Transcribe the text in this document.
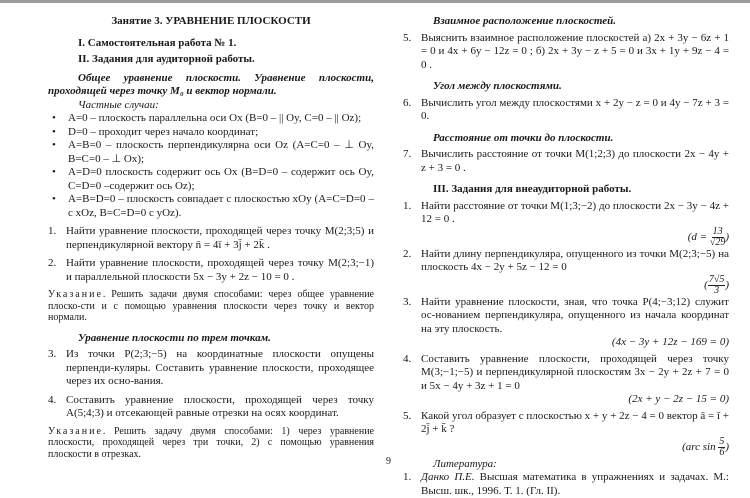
Занятие 3. УРАВНЕНИЕ ПЛОСКОСТИ
I. Самостоятельная работа № 1.
II. Задания для аудиторной работы.

Общее уравнение плоскости. Уравнение плоскости, проходящей через точку M₀ и вектор нормали.

Частные случаи:
•	A=0 – плоскость параллельна оси Ox (B=0 – || Oy, C=0 – || Oz);
•	D=0 – проходит через начало координат;
•	A=B=0 – плоскость перпендикулярна оси Oz (A=C=0 – ⊥ Oy, B=C=0 – ⊥ Ox);
•	A=D=0 плоскость содержит ось Ox (B=D=0 – содержит ось Oy, C=D=0 –содержит ось Oz);
•	A=B=D=0 – плоскость совпадает с плоскостью xOy (A=C=D=0 – с xOz, B=C=D=0 с yOz).
1. Найти уравнение плоскости, проходящей через точку M(2;3;5) и перпендикулярной вектору n̄ = 4ī + 3j̄ + 2k̄ .
2. Найти уравнение плоскости, проходящей через точку M(2;3;−1) и параллельной плоскости 5x − 3y + 2z − 10 = 0 .
Указание. Решить задачи двумя способами: через общее уравнение плоско-сти и с помощью уравнения плоскости через точку и вектор нормали.
Уравнение плоскости по трем точкам.
3. Из точки P(2;3;−5) на координатные плоскости опущены перпенди-куляры. Составить уравнение плоскости, проходящее через их осно-вания.
4. Составить уравнение плоскости, проходящей через точку A(5;4;3) и отсекающей равные отрезки на осях координат.
Указание. Решить задачу двумя способами: 1) через уравнение плоскости, проходящей через три точки, 2) с помощью уравнения плоскости в отрезках.
Взаимное расположение плоскостей.
5. Выяснить взаимное расположение плоскостей а) 2x + 3y − 6z + 1 = 0 и 4x + 6y − 12z = 0 ; б) 2x + 3y − z + 5 = 0 и 3x + 1y + 9z − 4 = 0 .
Угол между плоскостями.
6. Вычислить угол между плоскостями x + 2y − z = 0 и 4y − 7z + 3 = 0.
Расстояние от точки до плоскости.
7. Вычислить расстояние от точки M(1;2;3) до плоскости 2x − 4y + z + 3 = 0 .
III. Задания для внеаудиторной работы.
1. Найти расстояние от точки M(1;3;−2) до плоскости 2x − 3y − 4z + 12 = 0 .
($d = \frac{13}{√29}$ )
2. Найти длину перпендикуляра, опущенного из точки M(2;3;−5) на плоскость 4x − 2y + 5z − 12 = 0
( $\frac{7√5}{3}$ )
3. Найти уравнение плоскости, зная, что точка P(4;−3;12) служит ос-нованием перпендикуляра, опущенного из начала координат на эту плоскость.
(4x − 3y + 12z − 169 = 0)
4. Составить уравнение плоскости, проходящей через точку M(3;−1;−5) и перпендикулярной плоскостям 3x − 2y + 2z + 7 = 0 и 5x − 4y + 3z + 1 = 0
(2x + y − 2z − 15 = 0)
5. Какой угол образует с плоскостью x + y + 2z − 4 = 0 вектор ā = ī + 2j̄ + k̄ ?
(arc $\sin \frac{5}{6}$ )
Литература:
1. Данко П.Е. Высшая математика в упражнениях и задачах. М.: Высш. шк., 1996. Т. 1. (Гл. II).
9
